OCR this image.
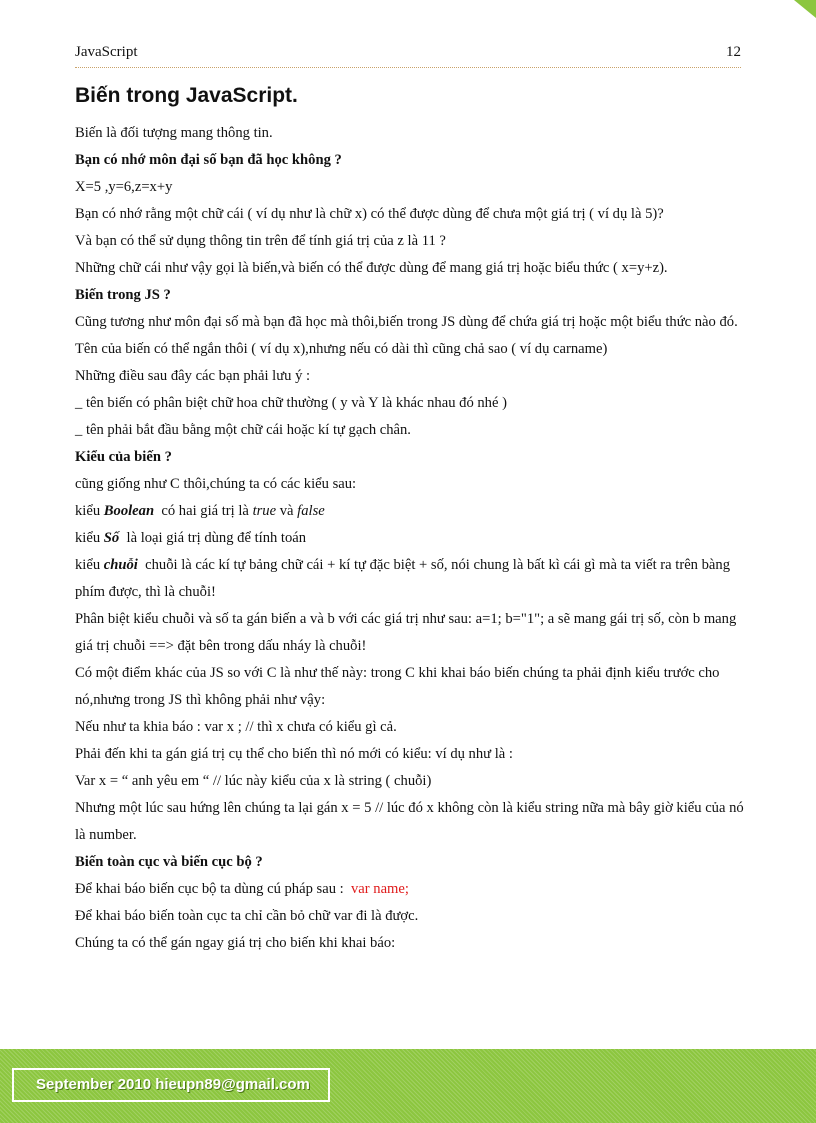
JavaScript	12
Biến trong JavaScript.

Biến là đối tượng mang thông tin.

Bạn có nhớ môn đại số bạn đã học không ?

X=5 ,y=6,z=x+y

Bạn có nhớ rằng một chữ cái ( ví dụ như là chữ x) có thể được dùng để chưa một giá trị ( ví dụ là 5)?

Và bạn có thể sử dụng thông tin trên để tính giá trị của z là 11 ?

Những chữ cái như vậy gọi là biến,và biến có thể được dùng để mang giá trị hoặc biểu thức ( x=y+z).

Biến trong JS ?

Cũng tương như môn đại số mà bạn đã học mà thôi,biến trong JS dùng để chứa giá trị hoặc một biểu thức nào đó.

Tên của biến có thể ngắn thôi ( ví dụ x),nhưng nếu có dài thì cũng chả sao ( ví dụ carname)

Những điều sau đây các bạn phải lưu ý :

_ tên biến có phân biệt chữ hoa chữ thường ( y và Y là khác nhau đó nhé )

_ tên phải bắt đầu bằng một chữ cái hoặc kí tự gạch chân.

Kiểu của biến ?

cũng giống như C thôi,chúng ta có các kiểu sau:

kiểu Boolean có hai giá trị là true và false

kiểu Số là loại giá trị dùng để tính toán

kiểu chuỗi chuỗi là các kí tự bảng chữ cái + kí tự đặc biệt + số, nói chung là bất kì cái gì mà ta viết ra trên bàng phím được, thì là chuỗi!

Phân biệt kiểu chuỗi và số ta gán biến a và b với các giá trị như sau: a=1; b="1"; a sẽ mang gái trị số, còn b mang giá trị chuỗi ==> đặt bên trong dấu nháy là chuỗi!

Có một điểm khác của JS so với C là như thế này: trong C khi khai báo biến chúng ta phải định kiểu trước cho nó,nhưng trong JS thì không phải như vậy:

Nếu như ta khia báo : var x ; // thì x chưa có kiểu gì cả.

Phải đến khi ta gán giá trị cụ thể cho biến thì nó mới có kiểu: ví dụ như là :

Var x = “ anh yêu em “ // lúc này kiểu của x là string ( chuỗi)

Nhưng một lúc sau hứng lên chúng ta lại gán x = 5 // lúc đó x không còn là kiểu string nữa mà bây giờ kiểu của nó là number.

Biến toàn cục và biến cục bộ ?

Để khai báo biến cục bộ ta dùng cú pháp sau : var name;

Để khai báo biến toàn cục ta chỉ cần bỏ chữ var đi là được.

Chúng ta có thể gán ngay giá trị cho biến khi khai báo:

September 2010 hieupn89@gmail.com
